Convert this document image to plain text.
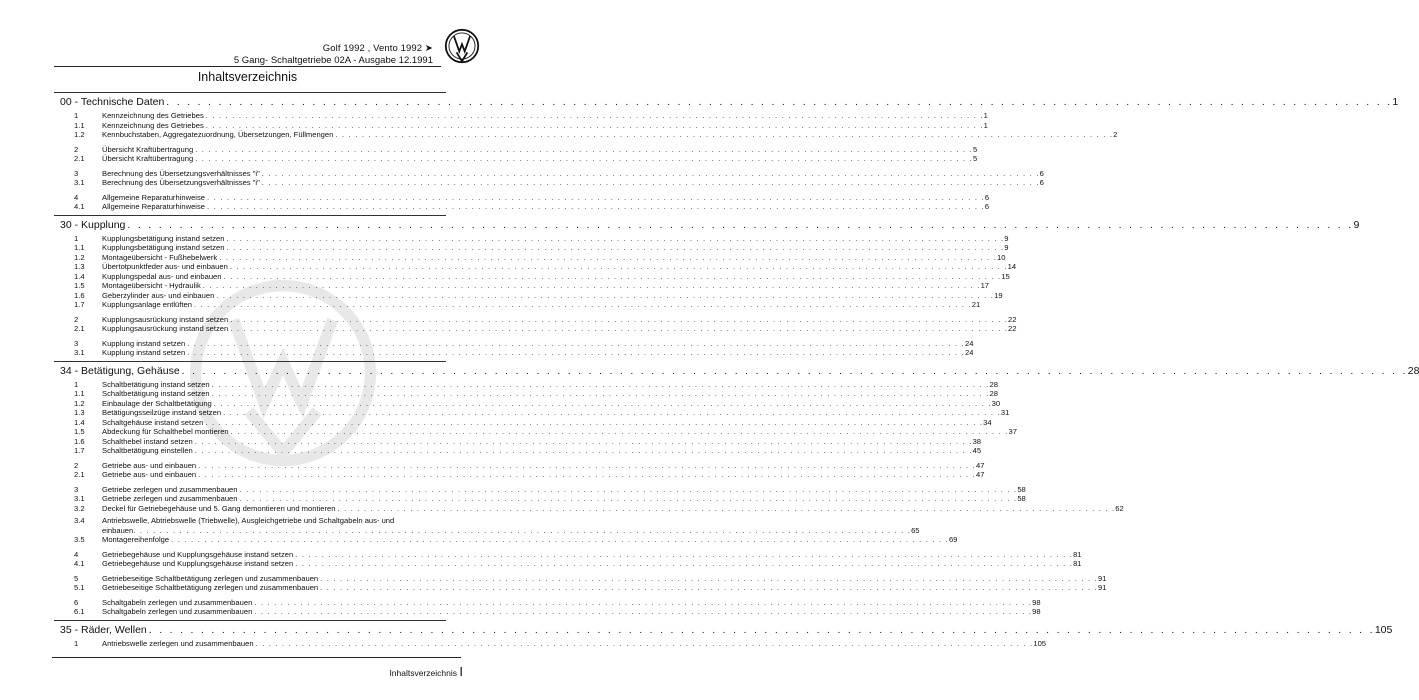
Golf 1992 , Vento 1992 ➤
5 Gang- Schaltgetriebe 02A - Ausgabe 12.1991
Inhaltsverzeichnis
00 - Technische Daten . . . . . . . . . . . . . . . . . . . . . . . . . . . . . . . . . . . . . . . . . . . . . . . . . . . . . . . . . . . . . . . . . . . . . . . . . . . . . . . . . . . . . . . . . . . . . . . . . . . . . . . . . . . . . . . . . . . . . . 1
1	Kennzeichnung des Getriebes . . . . . . . . . . . . . . . . . . . . . . . . . . . . . . . . . . . . . . . . . . . . . . . . . . . . . . . . . . . . . . . . . . . . . . . . . . . . . . . . . . . . . . . . . . . . . . . . . . . . . . . . . . . . . . . . . . . . . . 1
1.1	Kennzeichnung des Getriebes . . . . . . . . . . . . . . . . . . . . . . . . . . . . . . . . . . . . . . . . . . . . . . . . . . . . . . . . . . . . . . . . . . . . . . . . . . . . . . . . . . . . . . . . . . . . . . . . . . . . . . . . . . . . . . . . . . . . . . 1
1.2	Kennbuchstaben, Aggregatezuordnung, Übersetzungen, Füllmengen . . . . . . . . . . . . . . . . . . . . . . . . . . . . . . . . . . . . . . . . . . . . . . . . . . . . . . . . . . . . . . . . . . . . . . . . . . . . . . . . . . . . . . . . . . . . . . . . . . . . . . . . . . . . . . . . . . . . . . 2
2	Übersicht Kraftübertragung . . . . . . . . . . . . . . . . . . . . . . . . . . . . . . . . . . . . . . . . . . . . . . . . . . . . . . . . . . . . . . . . . . . . . . . . . . . . . . . . . . . . . . . . . . . . . . . . . . . . . . . . . . . . . . . . . . . . . . 5
2.1	Übersicht Kraftübertragung . . . . . . . . . . . . . . . . . . . . . . . . . . . . . . . . . . . . . . . . . . . . . . . . . . . . . . . . . . . . . . . . . . . . . . . . . . . . . . . . . . . . . . . . . . . . . . . . . . . . . . . . . . . . . . . . . . . . . . 5
3	Berechnung des Übersetzungsverhältnisses "i" . . . . . . . . . . . . . . . . . . . . . . . . . . . . . . . . . . . . . . . . . . . . . . . . . . . . . . . . . . . . . . . . . . . . . . . . . . . . . . . . . . . . . . . . . . . . . . . . . . . . . . . . . . . . . . . . . . . . . . 6
3.1	Berechnung des Übersetzungsverhältnisses "i" . . . . . . . . . . . . . . . . . . . . . . . . . . . . . . . . . . . . . . . . . . . . . . . . . . . . . . . . . . . . . . . . . . . . . . . . . . . . . . . . . . . . . . . . . . . . . . . . . . . . . . . . . . . . . . . . . . . . . . 6
4	Allgemeine Reparaturhinweise . . . . . . . . . . . . . . . . . . . . . . . . . . . . . . . . . . . . . . . . . . . . . . . . . . . . . . . . . . . . . . . . . . . . . . . . . . . . . . . . . . . . . . . . . . . . . . . . . . . . . . . . . . . . . . . . . . . . . . 6
4.1	Allgemeine Reparaturhinweise . . . . . . . . . . . . . . . . . . . . . . . . . . . . . . . . . . . . . . . . . . . . . . . . . . . . . . . . . . . . . . . . . . . . . . . . . . . . . . . . . . . . . . . . . . . . . . . . . . . . . . . . . . . . . . . . . . . . . . 6
30 - Kupplung . . . . . . . . . . . . . . . . . . . . . . . . . . . . . . . . . . . . . . . . . . . . . . . . . . . . . . . . . . . . . . . . . . . . . . . . . . . . . . . . . . . . . . . . . . . . . . . . . . . . . . . . . . . . . . . . . . . . . . 9
1	Kupplungsbetätigung instand setzen . . . . . . . . . . . . . . . . . . . . . . . . . . . . . . . . . . . . . . . . . . . . . . . . . . . . . . . . . . . . . . . . . . . . . . . . . . . . . . . . . . . . . . . . . . . . . . . . . . . . . . . . . . . . . . . . . . . . . . 9
1.1	Kupplungsbetätigung instand setzen . . . . . . . . . . . . . . . . . . . . . . . . . . . . . . . . . . . . . . . . . . . . . . . . . . . . . . . . . . . . . . . . . . . . . . . . . . . . . . . . . . . . . . . . . . . . . . . . . . . . . . . . . . . . . . . . . . . . . . 9
1.2	Montageübersicht - Fußhebelwerk . . . . . . . . . . . . . . . . . . . . . . . . . . . . . . . . . . . . . . . . . . . . . . . . . . . . . . . . . . . . . . . . . . . . . . . . . . . . . . . . . . . . . . . . . . . . . . . . . . . . . . . . . . . . . . . . . . . . . . 10
1.3	Übertotpunktfeder aus- und einbauen . . . . . . . . . . . . . . . . . . . . . . . . . . . . . . . . . . . . . . . . . . . . . . . . . . . . . . . . . . . . . . . . . . . . . . . . . . . . . . . . . . . . . . . . . . . . . . . . . . . . . . . . . . . . . . . . . . . . . . 14
1.4	Kupplungspedal aus- und einbauen . . . . . . . . . . . . . . . . . . . . . . . . . . . . . . . . . . . . . . . . . . . . . . . . . . . . . . . . . . . . . . . . . . . . . . . . . . . . . . . . . . . . . . . . . . . . . . . . . . . . . . . . . . . . . . . . . . . . . . 15
1.5	Montageübersicht - Hydraulik . . . . . . . . . . . . . . . . . . . . . . . . . . . . . . . . . . . . . . . . . . . . . . . . . . . . . . . . . . . . . . . . . . . . . . . . . . . . . . . . . . . . . . . . . . . . . . . . . . . . . . . . . . . . . . . . . . . . . . 17
1.6	Geberzylinder aus- und einbauen . . . . . . . . . . . . . . . . . . . . . . . . . . . . . . . . . . . . . . . . . . . . . . . . . . . . . . . . . . . . . . . . . . . . . . . . . . . . . . . . . . . . . . . . . . . . . . . . . . . . . . . . . . . . . . . . . . . . . . 19
1.7	Kupplungsanlage entlüften . . . . . . . . . . . . . . . . . . . . . . . . . . . . . . . . . . . . . . . . . . . . . . . . . . . . . . . . . . . . . . . . . . . . . . . . . . . . . . . . . . . . . . . . . . . . . . . . . . . . . . . . . . . . . . . . . . . . . . 21
2	Kupplungsausrückung instand setzen . . . . . . . . . . . . . . . . . . . . . . . . . . . . . . . . . . . . . . . . . . . . . . . . . . . . . . . . . . . . . . . . . . . . . . . . . . . . . . . . . . . . . . . . . . . . . . . . . . . . . . . . . . . . . . . . . . . . . . 22
2.1	Kupplungsausrückung instand setzen . . . . . . . . . . . . . . . . . . . . . . . . . . . . . . . . . . . . . . . . . . . . . . . . . . . . . . . . . . . . . . . . . . . . . . . . . . . . . . . . . . . . . . . . . . . . . . . . . . . . . . . . . . . . . . . . . . . . . . 22
3	Kupplung instand setzen . . . . . . . . . . . . . . . . . . . . . . . . . . . . . . . . . . . . . . . . . . . . . . . . . . . . . . . . . . . . . . . . . . . . . . . . . . . . . . . . . . . . . . . . . . . . . . . . . . . . . . . . . . . . . . . . . . . . . . 24
3.1	Kupplung instand setzen . . . . . . . . . . . . . . . . . . . . . . . . . . . . . . . . . . . . . . . . . . . . . . . . . . . . . . . . . . . . . . . . . . . . . . . . . . . . . . . . . . . . . . . . . . . . . . . . . . . . . . . . . . . . . . . . . . . . . . 24
34 - Betätigung, Gehäuse . . . . . . . . . . . . . . . . . . . . . . . . . . . . . . . . . . . . . . . . . . . . . . . . . . . . . . . . . . . . . . . . . . . . . . . . . . . . . . . . . . . . . . . . . . . . . . . . . . . . . . . . . . . . . . . . . . . . . . 28
1	Schaltbetätigung instand setzen . . . . . . . . . . . . . . . . . . . . . . . . . . . . . . . . . . . . . . . . . . . . . . . . . . . . . . . . . . . . . . . . . . . . . . . . . . . . . . . . . . . . . . . . . . . . . . . . . . . . . . . . . . . . . . . . . . . . . . 28
1.1	Schaltbetätigung instand setzen . . . . . . . . . . . . . . . . . . . . . . . . . . . . . . . . . . . . . . . . . . . . . . . . . . . . . . . . . . . . . . . . . . . . . . . . . . . . . . . . . . . . . . . . . . . . . . . . . . . . . . . . . . . . . . . . . . . . . . 28
1.2	Einbaulage der Schaltbetätigung . . . . . . . . . . . . . . . . . . . . . . . . . . . . . . . . . . . . . . . . . . . . . . . . . . . . . . . . . . . . . . . . . . . . . . . . . . . . . . . . . . . . . . . . . . . . . . . . . . . . . . . . . . . . . . . . . . . . . . 30
1.3	Betätigungsseilzüge instand setzen . . . . . . . . . . . . . . . . . . . . . . . . . . . . . . . . . . . . . . . . . . . . . . . . . . . . . . . . . . . . . . . . . . . . . . . . . . . . . . . . . . . . . . . . . . . . . . . . . . . . . . . . . . . . . . . . . . . . . . 31
1.4	Schaltgehäuse instand setzen . . . . . . . . . . . . . . . . . . . . . . . . . . . . . . . . . . . . . . . . . . . . . . . . . . . . . . . . . . . . . . . . . . . . . . . . . . . . . . . . . . . . . . . . . . . . . . . . . . . . . . . . . . . . . . . . . . . . . . 34
1.5	Abdeckung für Schalthebel montieren . . . . . . . . . . . . . . . . . . . . . . . . . . . . . . . . . . . . . . . . . . . . . . . . . . . . . . . . . . . . . . . . . . . . . . . . . . . . . . . . . . . . . . . . . . . . . . . . . . . . . . . . . . . . . . . . . . . . . . 37
1.6	Schalthebel instand setzen . . . . . . . . . . . . . . . . . . . . . . . . . . . . . . . . . . . . . . . . . . . . . . . . . . . . . . . . . . . . . . . . . . . . . . . . . . . . . . . . . . . . . . . . . . . . . . . . . . . . . . . . . . . . . . . . . . . . . . 38
1.7	Schaltbetätigung einstellen . . . . . . . . . . . . . . . . . . . . . . . . . . . . . . . . . . . . . . . . . . . . . . . . . . . . . . . . . . . . . . . . . . . . . . . . . . . . . . . . . . . . . . . . . . . . . . . . . . . . . . . . . . . . . . . . . . . . . . 45
2	Getriebe aus- und einbauen . . . . . . . . . . . . . . . . . . . . . . . . . . . . . . . . . . . . . . . . . . . . . . . . . . . . . . . . . . . . . . . . . . . . . . . . . . . . . . . . . . . . . . . . . . . . . . . . . . . . . . . . . . . . . . . . . . . . . . 47
2.1	Getriebe aus- und einbauen . . . . . . . . . . . . . . . . . . . . . . . . . . . . . . . . . . . . . . . . . . . . . . . . . . . . . . . . . . . . . . . . . . . . . . . . . . . . . . . . . . . . . . . . . . . . . . . . . . . . . . . . . . . . . . . . . . . . . . 47
3	Getriebe zerlegen und zusammenbauen . . . . . . . . . . . . . . . . . . . . . . . . . . . . . . . . . . . . . . . . . . . . . . . . . . . . . . . . . . . . . . . . . . . . . . . . . . . . . . . . . . . . . . . . . . . . . . . . . . . . . . . . . . . . . . . . . . . . . . 58
3.1	Getriebe zerlegen und zusammenbauen . . . . . . . . . . . . . . . . . . . . . . . . . . . . . . . . . . . . . . . . . . . . . . . . . . . . . . . . . . . . . . . . . . . . . . . . . . . . . . . . . . . . . . . . . . . . . . . . . . . . . . . . . . . . . . . . . . . . . . 58
3.2	Deckel für Getriebegehäuse und 5. Gang demontieren und montieren . . . . . . . . . . . . . . . . . . . . . . . . . . . . . . . . . . . . . . . . . . . . . . . . . . . . . . . . . . . . . . . . . . . . . . . . . . . . . . . . . . . . . . . . . . . . . . . . . . . . . . . . . . . . . . . . . . . . . . 62
3.4	Antriebswelle, Abtriebswelle (Triebwelle), Ausgleichgetriebe und Schaltgabeln aus- und
einbauen . . . . . . . . . . . . . . . . . . . . . . . . . . . . . . . . . . . . . . . . . . . . . . . . . . . . . . . . . . . . . . . . . . . . . . . . . . . . . . . . . . . . . . . . . . . . . . . . . . . . . . . . . . . . . . . . . . . . . . 65
3.5	Montagereihenfolge . . . . . . . . . . . . . . . . . . . . . . . . . . . . . . . . . . . . . . . . . . . . . . . . . . . . . . . . . . . . . . . . . . . . . . . . . . . . . . . . . . . . . . . . . . . . . . . . . . . . . . . . . . . . . . . . . . . . . . 69
4	Getriebegehäuse und Kupplungsgehäuse instand setzen . . . . . . . . . . . . . . . . . . . . . . . . . . . . . . . . . . . . . . . . . . . . . . . . . . . . . . . . . . . . . . . . . . . . . . . . . . . . . . . . . . . . . . . . . . . . . . . . . . . . . . . . . . . . . . . . . . . . . . 81
4.1	Getriebegehäuse und Kupplungsgehäuse instand setzen . . . . . . . . . . . . . . . . . . . . . . . . . . . . . . . . . . . . . . . . . . . . . . . . . . . . . . . . . . . . . . . . . . . . . . . . . . . . . . . . . . . . . . . . . . . . . . . . . . . . . . . . . . . . . . . . . . . . . . 81
5	Getriebeseitige Schaltbetätigung zerlegen und zusammenbauen . . . . . . . . . . . . . . . . . . . . . . . . . . . . . . . . . . . . . . . . . . . . . . . . . . . . . . . . . . . . . . . . . . . . . . . . . . . . . . . . . . . . . . . . . . . . . . . . . . . . . . . . . . . . . . . . . . . . . . 91
5.1	Getriebeseitige Schaltbetätigung zerlegen und zusammenbauen . . . . . . . . . . . . . . . . . . . . . . . . . . . . . . . . . . . . . . . . . . . . . . . . . . . . . . . . . . . . . . . . . . . . . . . . . . . . . . . . . . . . . . . . . . . . . . . . . . . . . . . . . . . . . . . . . . . . . . 91
6	Schaltgabeln zerlegen und zusammenbauen . . . . . . . . . . . . . . . . . . . . . . . . . . . . . . . . . . . . . . . . . . . . . . . . . . . . . . . . . . . . . . . . . . . . . . . . . . . . . . . . . . . . . . . . . . . . . . . . . . . . . . . . . . . . . . . . . . . . . . 98
6.1	Schaltgabeln zerlegen und zusammenbauen . . . . . . . . . . . . . . . . . . . . . . . . . . . . . . . . . . . . . . . . . . . . . . . . . . . . . . . . . . . . . . . . . . . . . . . . . . . . . . . . . . . . . . . . . . . . . . . . . . . . . . . . . . . . . . . . . . . . . . 98
35 - Räder, Wellen . . . . . . . . . . . . . . . . . . . . . . . . . . . . . . . . . . . . . . . . . . . . . . . . . . . . . . . . . . . . . . . . . . . . . . . . . . . . . . . . . . . . . . . . . . . . . . . . . . . . . . . . . . . . . . . . . . . . . . 105
1	Antriebswelle zerlegen und zusammenbauen . . . . . . . . . . . . . . . . . . . . . . . . . . . . . . . . . . . . . . . . . . . . . . . . . . . . . . . . . . . . . . . . . . . . . . . . . . . . . . . . . . . . . . . . . . . . . . . . . . . . . . . . . . . . . . . . . . . . . . 105
Inhaltsverzeichnis I
